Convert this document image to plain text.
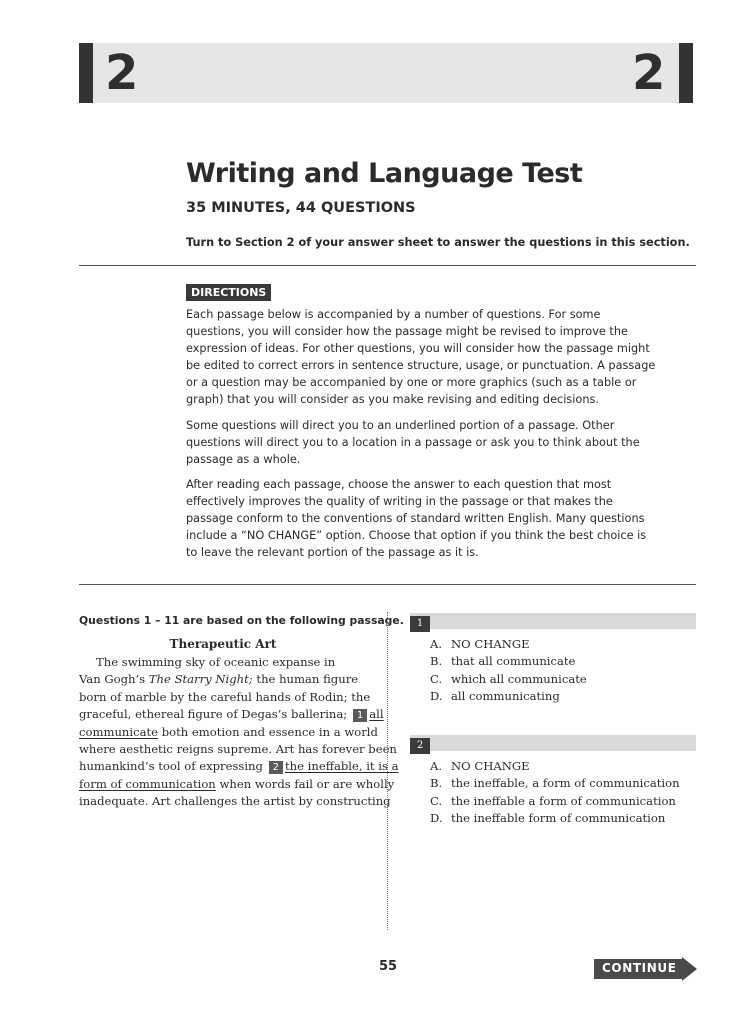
2	2
Writing and Language Test
35 MINUTES, 44 QUESTIONS
Turn to Section 2 of your answer sheet to answer the questions in this section.
DIRECTIONS

Each passage below is accompanied by a number of questions. For some questions, you will consider how the passage might be revised to improve the expression of ideas. For other questions, you will consider how the passage might be edited to correct errors in sentence structure, usage, or punctuation. A passage or a question may be accompanied by one or more graphics (such as a table or graph) that you will consider as you make revising and editing decisions.

Some questions will direct you to an underlined portion of a passage. Other questions will direct you to a location in a passage or ask you to think about the passage as a whole.

After reading each passage, choose the answer to each question that most effectively improves the quality of writing in the passage or that makes the passage conform to the conventions of standard written English. Many questions include a “NO CHANGE” option. Choose that option if you think the best choice is to leave the relevant portion of the passage as it is.

Questions 1 – 11 are based on the following passage.
Therapeutic Art
The swimming sky of oceanic expanse in
Van Gogh’s The Starry Night; the human figure
born of marble by the careful hands of Rodin; the
graceful, ethereal figure of Degas’s ballerina; 1 all
communicate both emotion and essence in a world
where aesthetic reigns supreme. Art has forever been
humankind’s tool of expressing 2 the ineffable, it is a
form of communication when words fail or are wholly
inadequate. Art challenges the artist by constructing
1
A. NO CHANGE
B. that all communicate
C. which all communicate
D. all communicating
2
A. NO CHANGE
B. the ineffable, a form of communication
C. the ineffable a form of communication
D. the ineffable form of communication
55	CONTINUE
